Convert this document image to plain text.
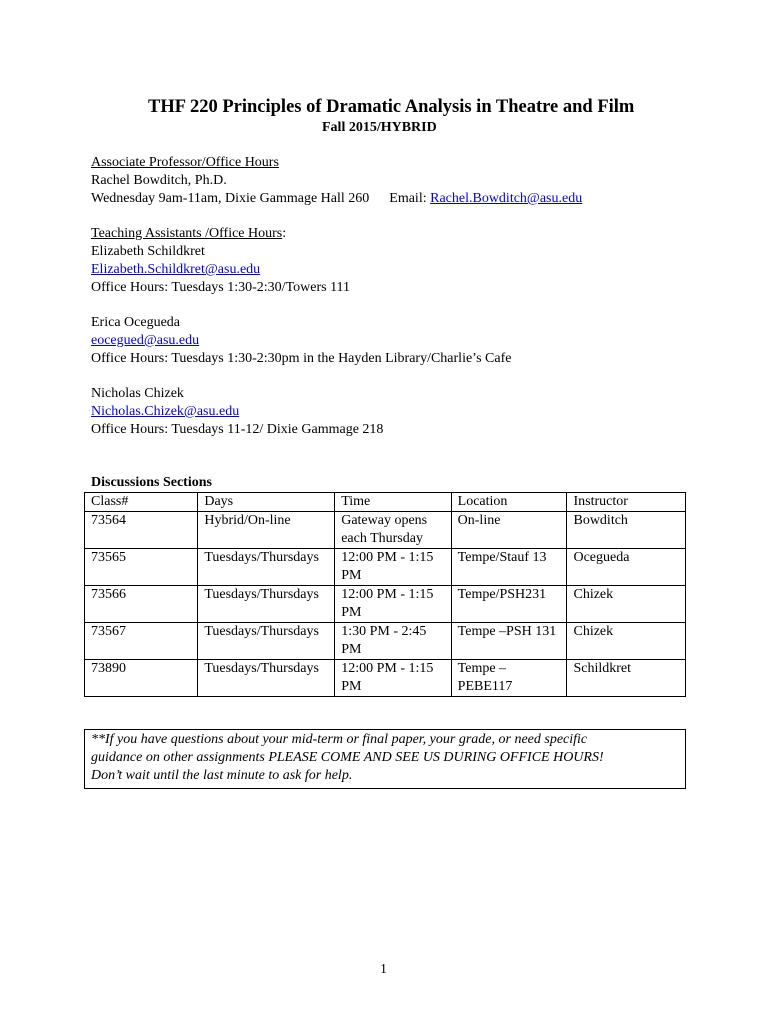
THF 220 Principles of Dramatic Analysis in Theatre and Film
Fall 2015/HYBRID
Associate Professor/Office Hours
Rachel Bowditch, Ph.D.
Wednesday 9am-11am, Dixie Gammage Hall 260 Email: Rachel.Bowditch@asu.edu
Teaching Assistants /Office Hours:
Elizabeth Schildkret
Elizabeth.Schildkret@asu.edu
Office Hours: Tuesdays 1:30-2:30/Towers 111
Erica Ocegueda
eocegued@asu.edu
Office Hours: Tuesdays 1:30-2:30pm in the Hayden Library/Charlie’s Cafe
Nicholas Chizek
Nicholas.Chizek@asu.edu
Office Hours: Tuesdays 11-12/ Dixie Gammage 218
Discussions Sections
Class#	Days	Time	Location	Instructor
73564	Hybrid/On-line	Gateway opens each Thursday	On-line	Bowditch
73565	Tuesdays/Thursdays	12:00 PM - 1:15 PM	Tempe/Stauf 13	Ocegueda
73566	Tuesdays/Thursdays	12:00 PM - 1:15 PM	Tempe/PSH231	Chizek
73567	Tuesdays/Thursdays	1:30 PM - 2:45 PM	Tempe –PSH 131	Chizek
73890	Tuesdays/Thursdays	12:00 PM - 1:15 PM	Tempe – PEBE117	Schildkret
**If you have questions about your mid-term or final paper, your grade, or need specific
guidance on other assignments PLEASE COME AND SEE US DURING OFFICE HOURS!
Don’t wait until the last minute to ask for help.
1
